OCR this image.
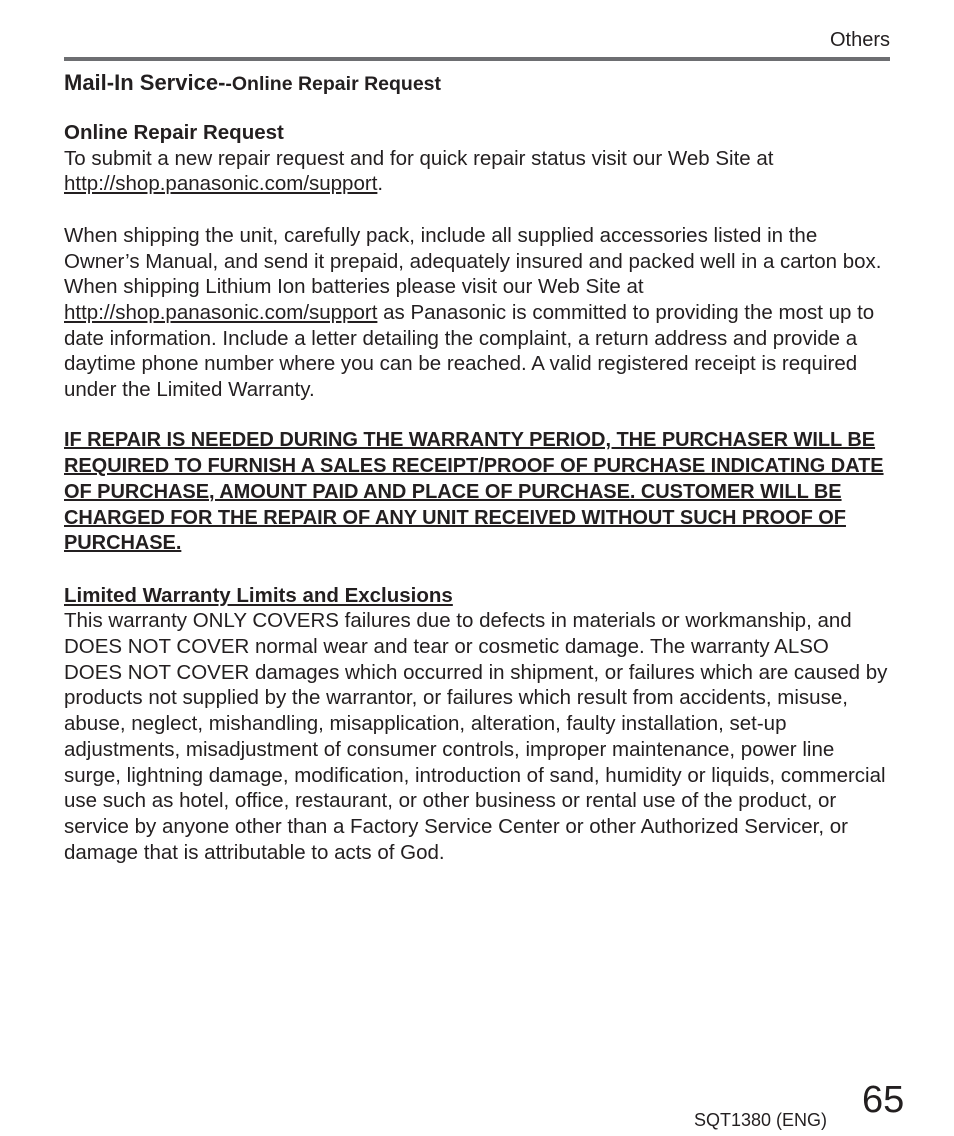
Others
Mail-In Service--Online Repair Request

Online Repair Request

To submit a new repair request and for quick repair status visit our Web Site at http://shop.panasonic.com/support.

When shipping the unit, carefully pack, include all supplied accessories listed in the Owner’s Manual, and send it prepaid, adequately insured and packed well in a carton box. When shipping Lithium Ion batteries please visit our Web Site at http://shop.panasonic.com/support as Panasonic is committed to providing the most up to date information. Include a letter detailing the complaint, a return address and provide a daytime phone number where you can be reached. A valid registered receipt is required under the Limited Warranty.

IF REPAIR IS NEEDED DURING THE WARRANTY PERIOD, THE PURCHASER WILL BE REQUIRED TO FURNISH A SALES RECEIPT/PROOF OF PURCHASE INDICATING DATE OF PURCHASE, AMOUNT PAID AND PLACE OF PURCHASE. CUSTOMER WILL BE CHARGED FOR THE REPAIR OF ANY UNIT RECEIVED WITHOUT SUCH PROOF OF PURCHASE.

Limited Warranty Limits and Exclusions

This warranty ONLY COVERS failures due to defects in materials or workmanship, and DOES NOT COVER normal wear and tear or cosmetic damage. The warranty ALSO DOES NOT COVER damages which occurred in shipment, or failures which are caused by products not supplied by the warrantor, or failures which result from accidents, misuse, abuse, neglect, mishandling, misapplication, alteration, faulty installation, set-up adjustments, misadjustment of consumer controls, improper maintenance, power line surge, lightning damage, modification, introduction of sand, humidity or liquids, commercial use such as hotel, office, restaurant, or other business or rental use of the product, or service by anyone other than a Factory Service Center or other Authorized Servicer, or damage that is attributable to acts of God.

SQT1380 (ENG) 65
